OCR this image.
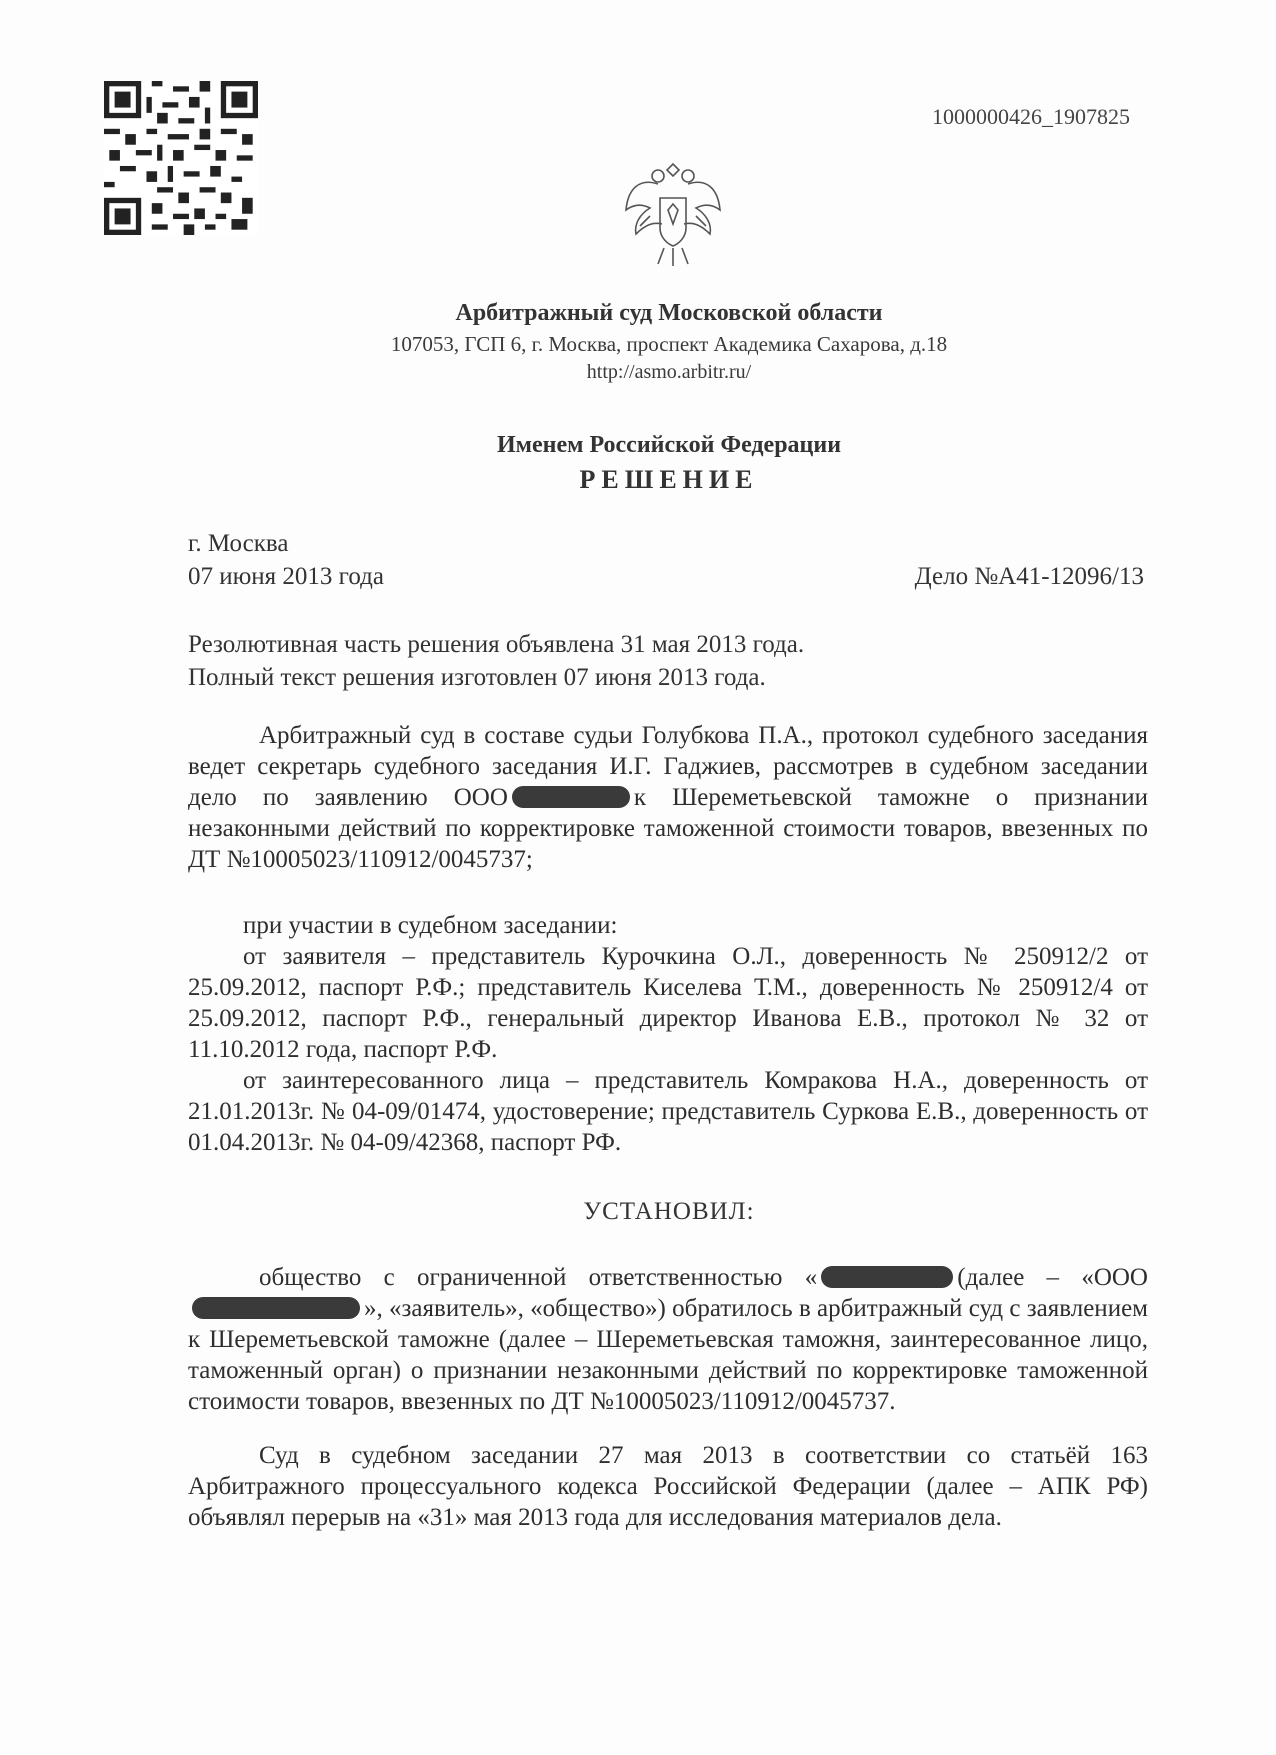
1000000426_1907825
Арбитражный суд Московской области
107053, ГСП 6, г. Москва, проспект Академика Сахарова, д.18
http://asmo.arbitr.ru/
Именем Российской Федерации
РЕШЕНИЕ
г. Москва
07 июня 2013 года	Дело №А41-12096/13
Резолютивная часть решения объявлена 31 мая 2013 года.
Полный текст решения изготовлен 07 июня 2013 года.
Арбитражный суд в составе судьи Голубкова П.А., протокол судебного заседания ведет секретарь судебного заседания И.Г. Гаджиев, рассмотрев в судебном заседании дело по заявлению ООО	к Шереметьевской таможне о признании незаконными действий по корректировке таможенной стоимости товаров, ввезенных по ДТ №10005023/110912/0045737;
при участии в судебном заседании:
от заявителя – представитель Курочкина О.Л., доверенность № 250912/2 от 25.09.2012, паспорт Р.Ф.; представитель Киселева Т.М., доверенность № 250912/4 от 25.09.2012, паспорт Р.Ф., генеральный директор Иванова Е.В., протокол № 32 от 11.10.2012 года, паспорт Р.Ф.
от заинтересованного лица – представитель Комракова Н.А., доверенность от 21.01.2013г. № 04-09/01474, удостоверение; представитель Суркова Е.В., доверенность от 01.04.2013г. № 04-09/42368, паспорт РФ.
УСТАНОВИЛ:
общество с ограниченной ответственностью «	(далее – «ООО », «заявитель», «общество») обратилось в арбитражный суд с заявлением к Шереметьевской таможне (далее – Шереметьевская таможня, заинтересованное лицо, таможенный орган) о признании незаконными действий по корректировке таможенной стоимости товаров, ввезенных по ДТ №10005023/110912/0045737.
Суд в судебном заседании 27 мая 2013 в соответствии со статьёй 163 Арбитражного процессуального кодекса Российской Федерации (далее – АПК РФ) объявлял перерыв на «31» мая 2013 года для исследования материалов дела.
